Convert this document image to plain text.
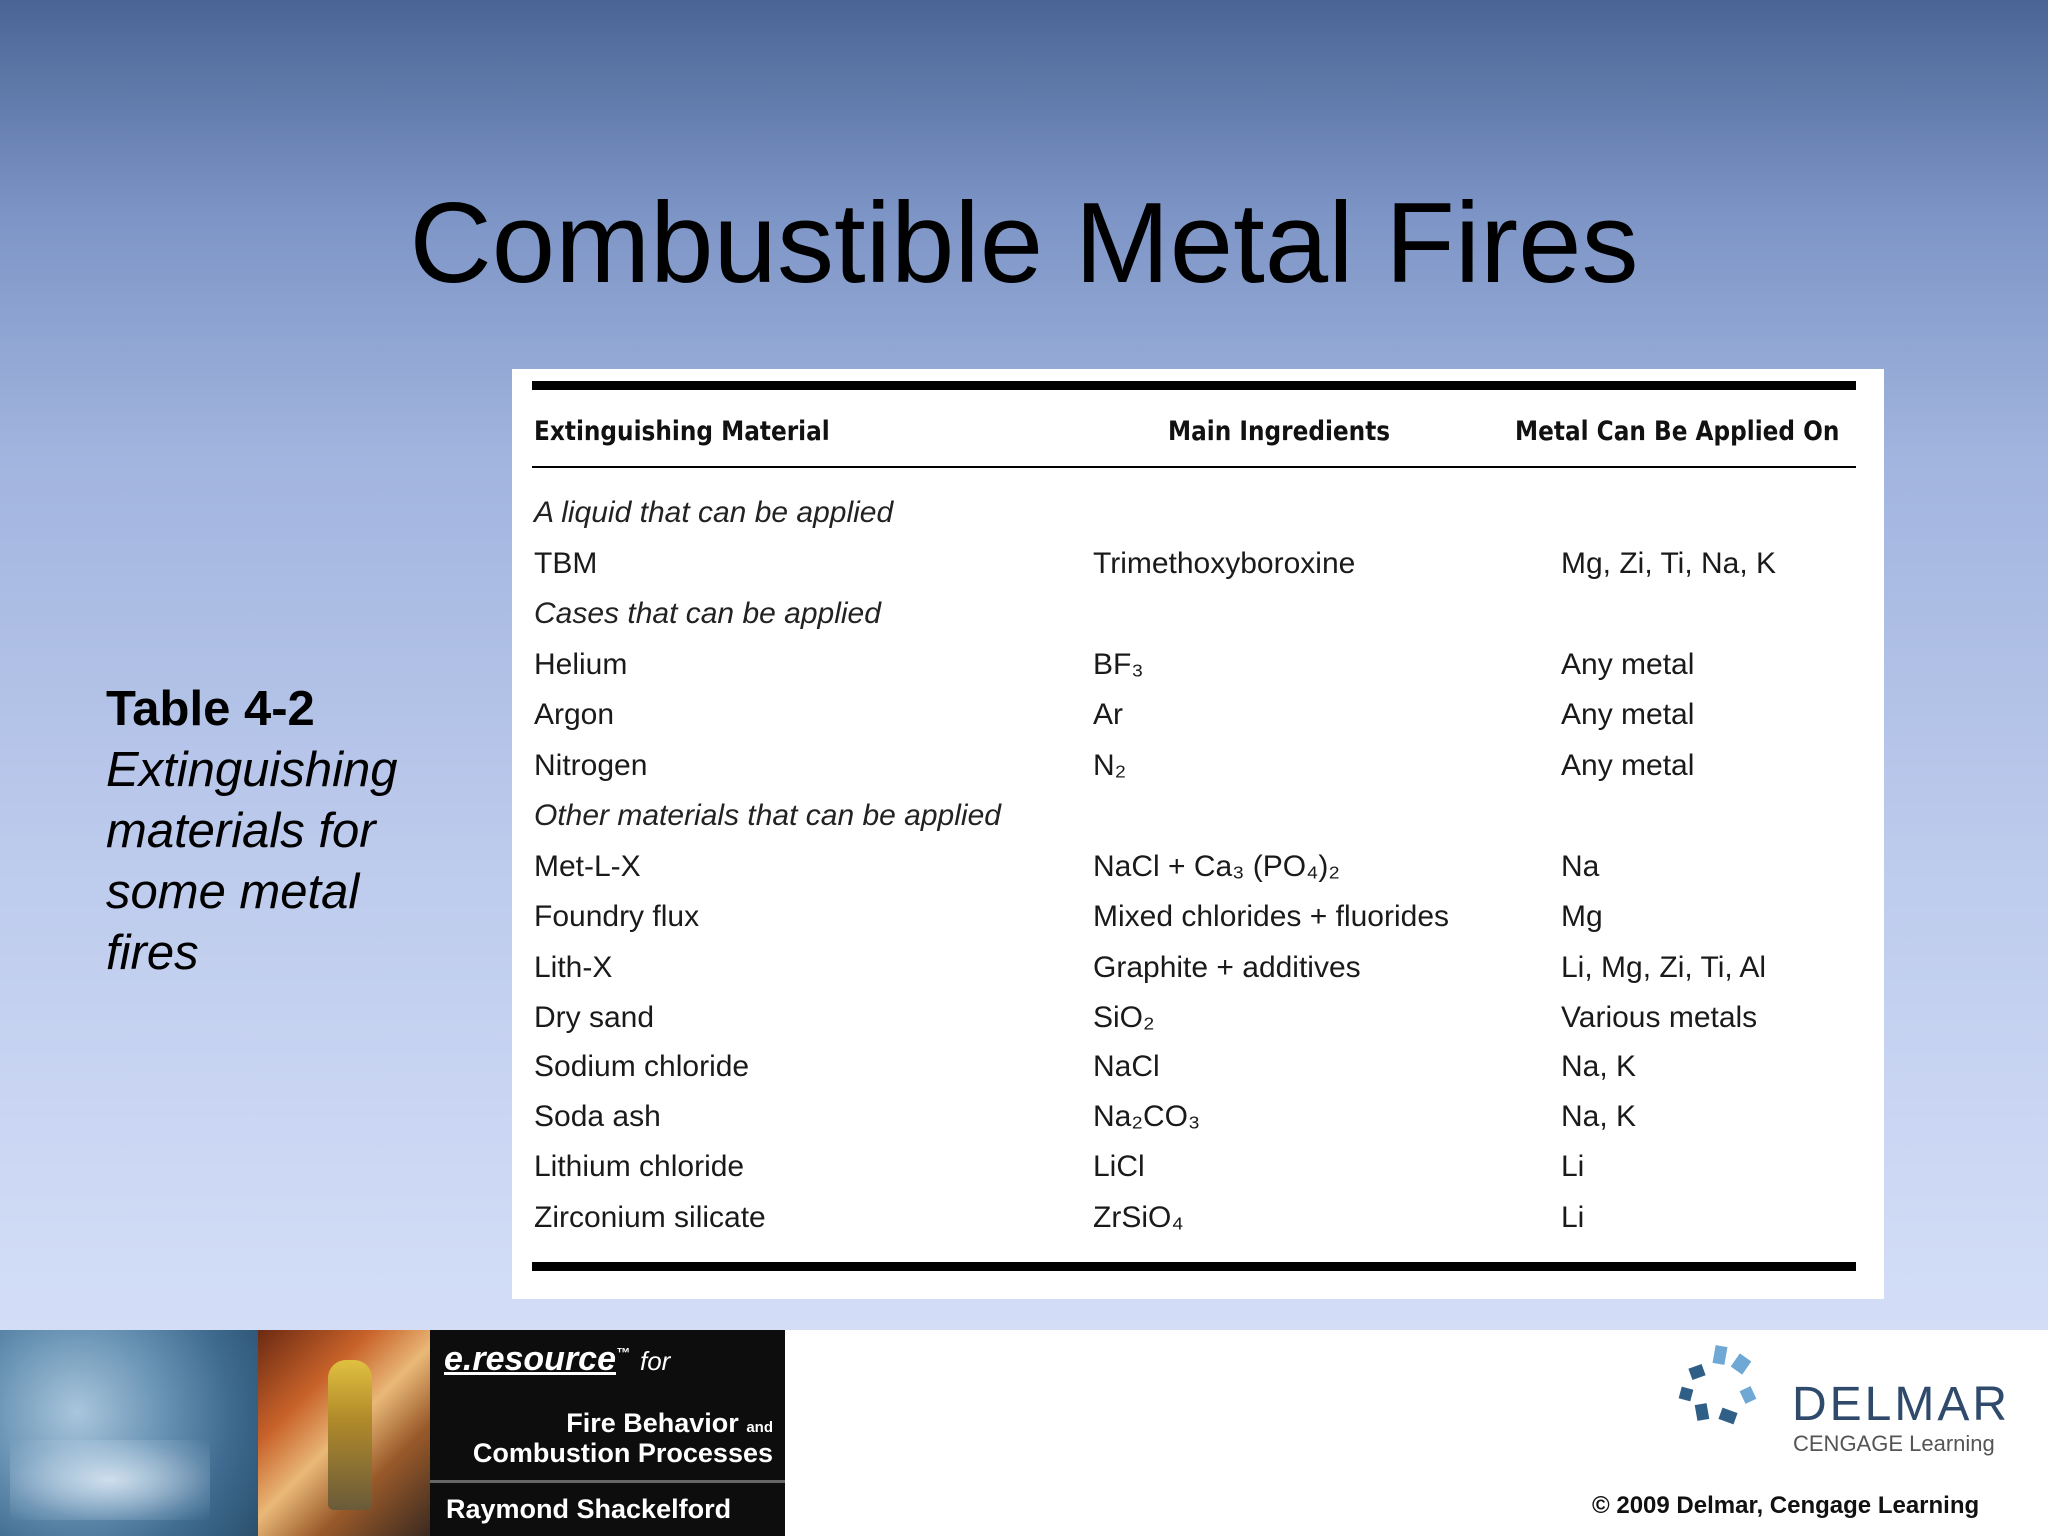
Combustible Metal Fires
Table 4-2
Extinguishing
materials for
some metal
fires
Extinguishing Material	Main Ingredients	Metal Can Be Applied On
A liquid that can be applied
TBM	Trimethoxyboroxine	Mg, Zi, Ti, Na, K
Cases that can be applied
Helium	BF₃	Any metal
Argon	Ar	Any metal
Nitrogen	N₂	Any metal
Other materials that can be applied
Met-L-X	NaCl + Ca₃ (PO₄)₂	Na
Foundry flux	Mixed chlorides + fluorides	Mg
Lith-X	Graphite + additives	Li, Mg, Zi, Ti, Al
Dry sand	SiO₂	Various metals
Sodium chloride	NaCl	Na, K
Soda ash	Na₂CO₃	Na, K
Lithium chloride	LiCl	Li
Zirconium silicate	ZrSiO₄	Li
e.resource™ for
Fire Behavior and
Combustion Processes
Raymond Shackelford
DELMAR
CENGAGE Learning
© 2009 Delmar, Cengage Learning
